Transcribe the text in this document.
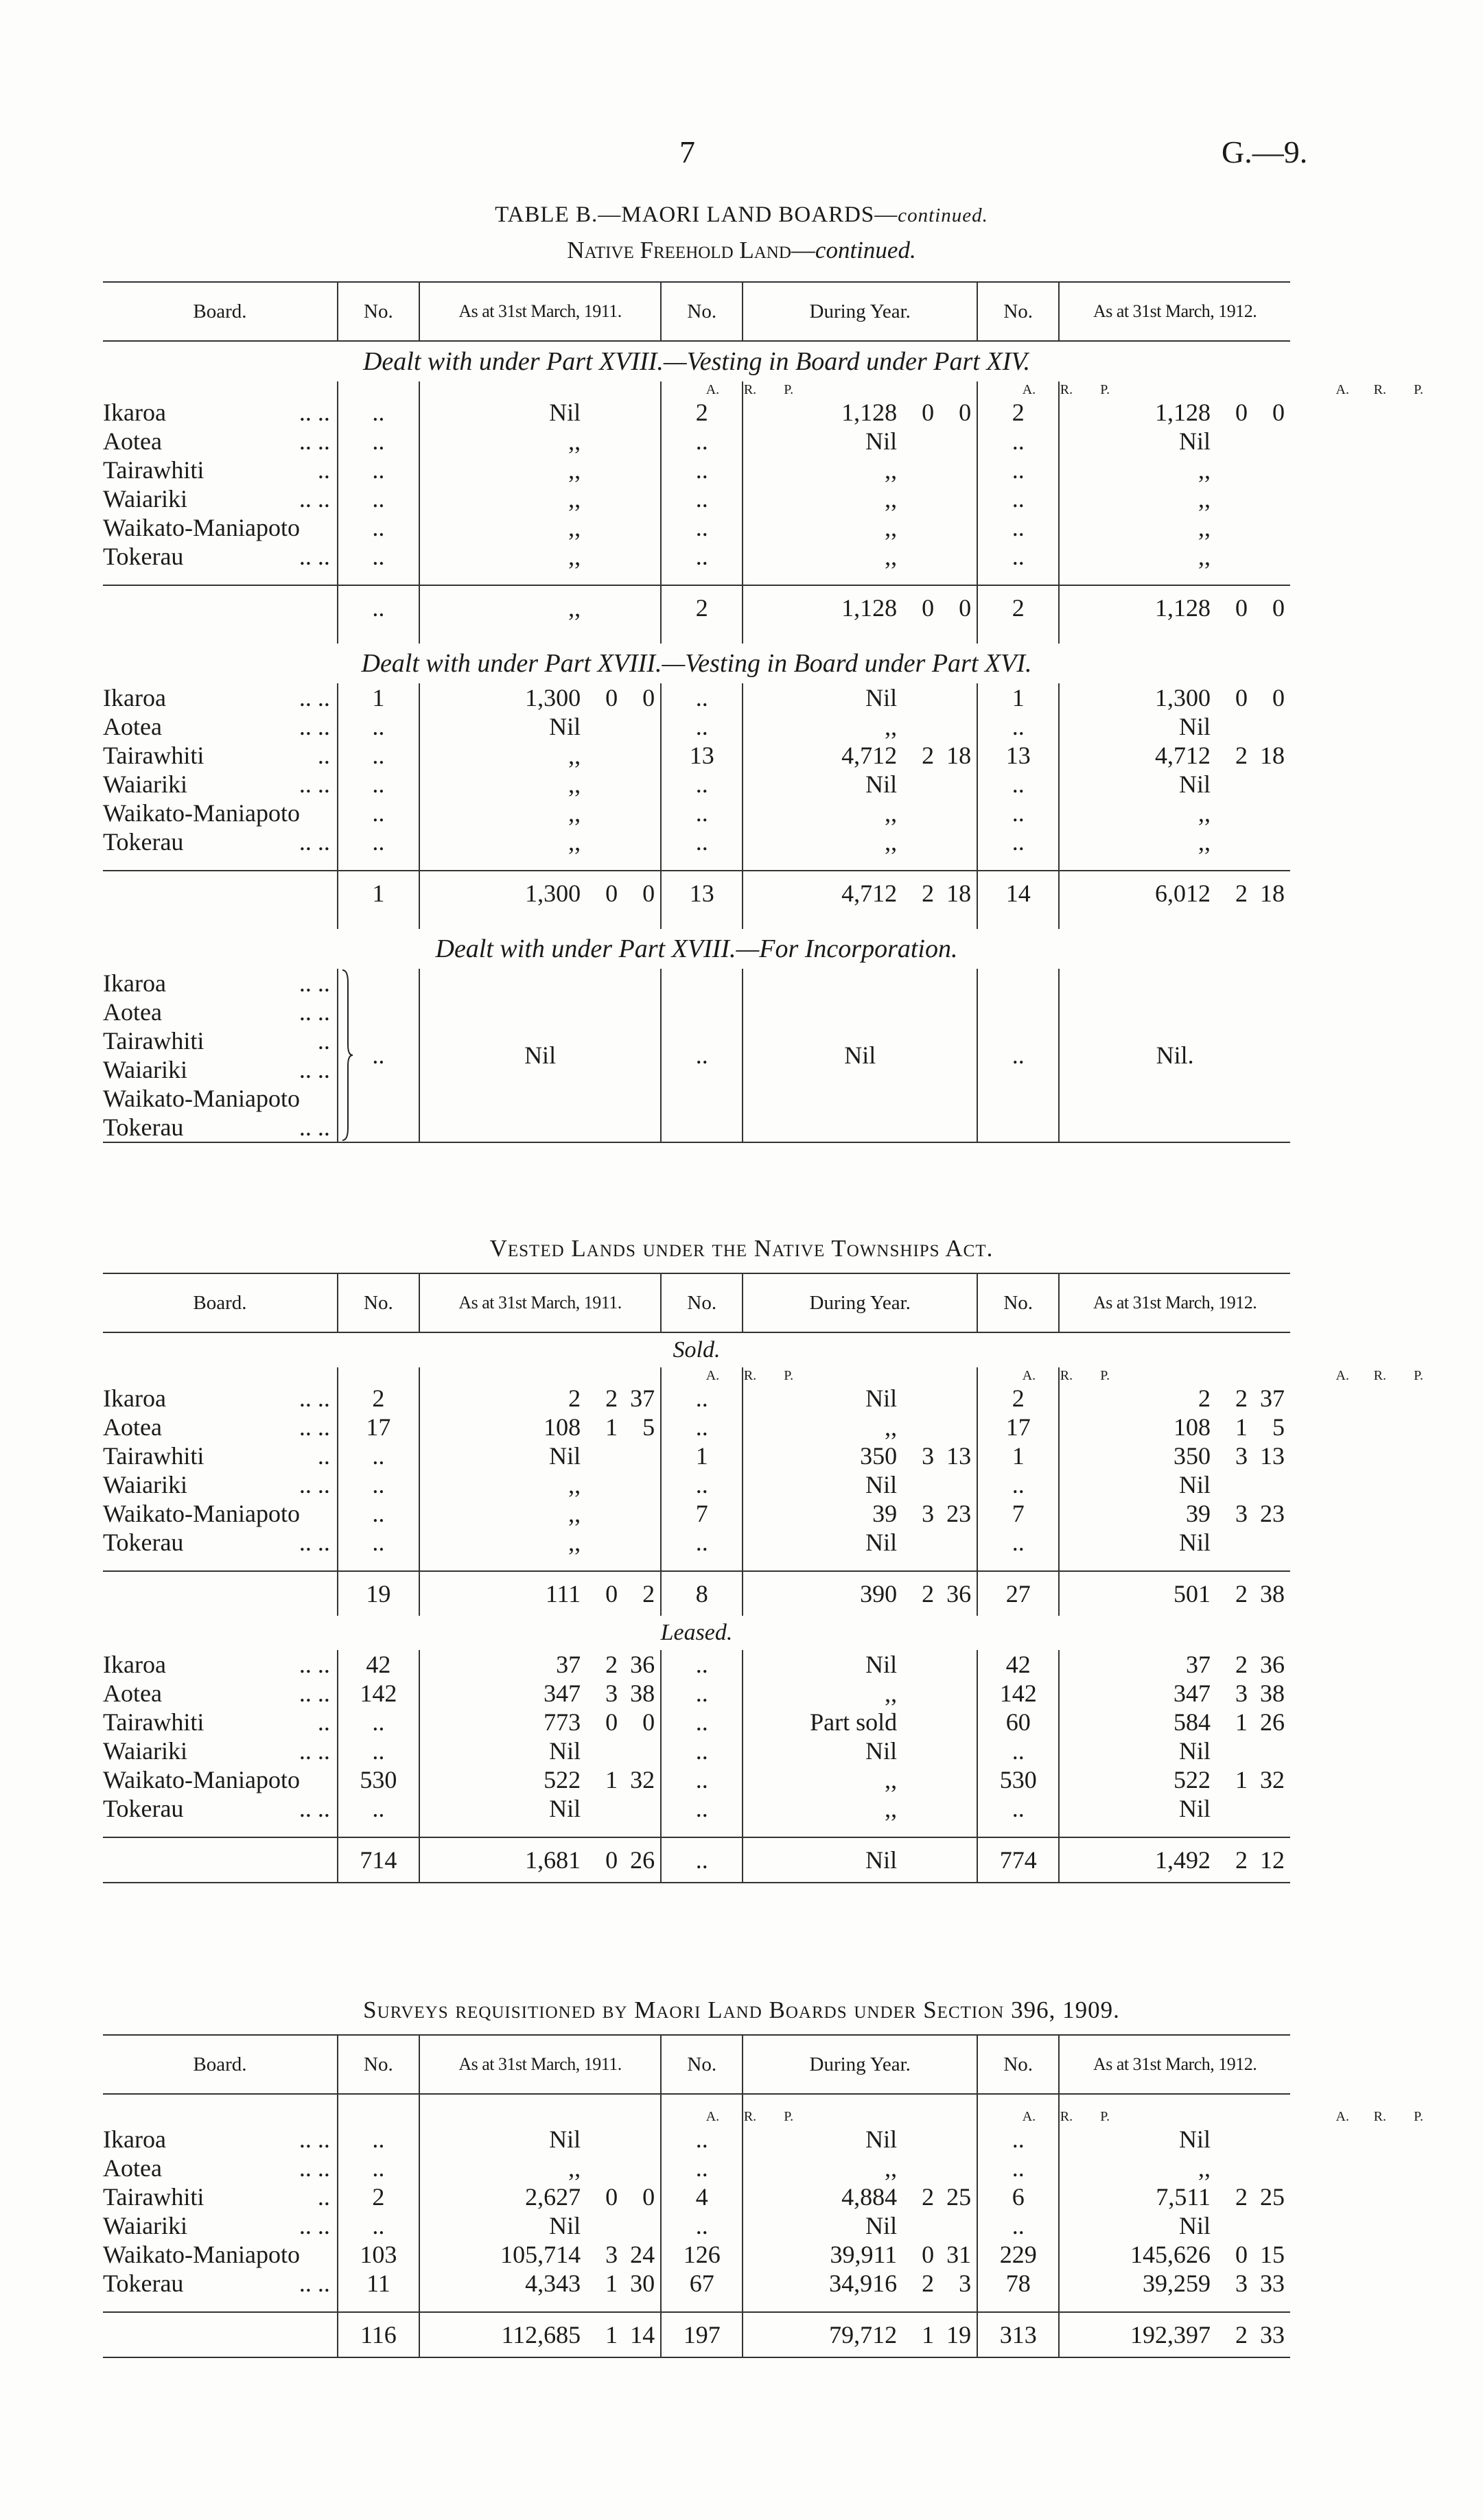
7	G.—9.
TABLE B.—MAORI LAND BOARDS—continued.
Native Freehold Land—continued.
Board.	No.	As at 31st March, 1911.	No.	During Year.	No.	As at 31st March, 1912.
Dealt with under Part XVIII.—Vesting in Board under Part XIV.						
		A. R. P.		A. R. P.		A. R. P.
Ikaroa .. ..	..	Nil	2	1,128 0 0	2	1,128 0 0

Aotea .. ..	..	,,	..	Nil	..	Nil

Tairawhiti ..	..	,,	..	,,	..	,,

Waiariki .. ..	..	,,	..	,,	..	,,

Waikato-Maniapoto	..	,,	..	,,	..	,,

Tokerau .. ..	..	,,	..	,,	..	,,

	..	,,	2	1,128 0 0	2	1,128 0 0

Dealt with under Part XVIII.—Vesting in Board under Part XVI.						
Ikaroa .. ..	1	1,300 0 0	..	Nil	1	1,300 0 0

Aotea .. ..	..	Nil	..	,,	..	Nil

Tairawhiti ..	..	,,	13	4,712 2 18	13	4,712 2 18

Waiariki .. ..	..	,,	..	Nil	..	Nil

Waikato-Maniapoto	..	,,	..	,,	..	,,

Tokerau .. ..	..	,,	..	,,	..	,,

	1	1,300 0 0	13	4,712 2 18	14	6,012 2 18

Dealt with under Part XVIII.—For Incorporation.						
Ikaroa .. ..	..	Nil	..	Nil	..	Nil.
Aotea .. ..						

Tairawhiti ..						

Waiariki .. ..						

Waikato-Maniapoto						
Tokerau .. ..						

Vested Lands under the Native Townships Act.
Board.	No.	As at 31st March, 1911.	No.	During Year.	No.	As at 31st March, 1912.
Sold.						
		A. R. P.		A. R. P.		A. R. P.
Ikaroa .. ..	2	2 2 37	..	Nil	2	2 2 37

Aotea .. ..	17	108 1 5	..	,,	17	108 1 5

Tairawhiti ..	..	Nil	1	350 3 13	1	350 3 13

Waiariki .. ..	..	,,	..	Nil	..	Nil

Waikato-Maniapoto	..	,,	7	39 3 23	7	39 3 23

Tokerau .. ..	..	,,	..	Nil	..	Nil

	19	111 0 2	8	390 2 36	27	501 2 38

Leased.						
Ikaroa .. ..	42	37 2 36	..	Nil	42	37 2 36

Aotea .. ..	142	347 3 38	..	,,	142	347 3 38

Tairawhiti ..	..	773 0 0	..	Part sold	60	584 1 26

Waiariki .. ..	..	Nil	..	Nil	..	Nil

Waikato-Maniapoto	530	522 1 32	..	,,	530	522 1 32

Tokerau .. ..	..	Nil	..	,,	..	Nil

	714	1,681 0 26	..	Nil	774	1,492 2 12
Surveys requisitioned by Maori Land Boards under Section 396, 1909.
Board.	No.	As at 31st March, 1911.	No.	During Year.	No.	As at 31st March, 1912.

		A. R. P.		A. R. P.		A. R. P.
Ikaroa .. ..	..	Nil	..	Nil	..	Nil

Aotea .. ..	..	,,	..	,,	..	,,

Tairawhiti ..	2	2,627 0 0	4	4,884 2 25	6	7,511 2 25

Waiariki .. ..	..	Nil	..	Nil	..	Nil

Waikato-Maniapoto	103	105,714 3 24	126	39,911 0 31	229	145,626 0 15

Tokerau .. ..	11	4,343 1 30	67	34,916 2 3	78	39,259 3 33

	116	112,685 1 14	197	79,712 1 19	313	192,397 2 33
